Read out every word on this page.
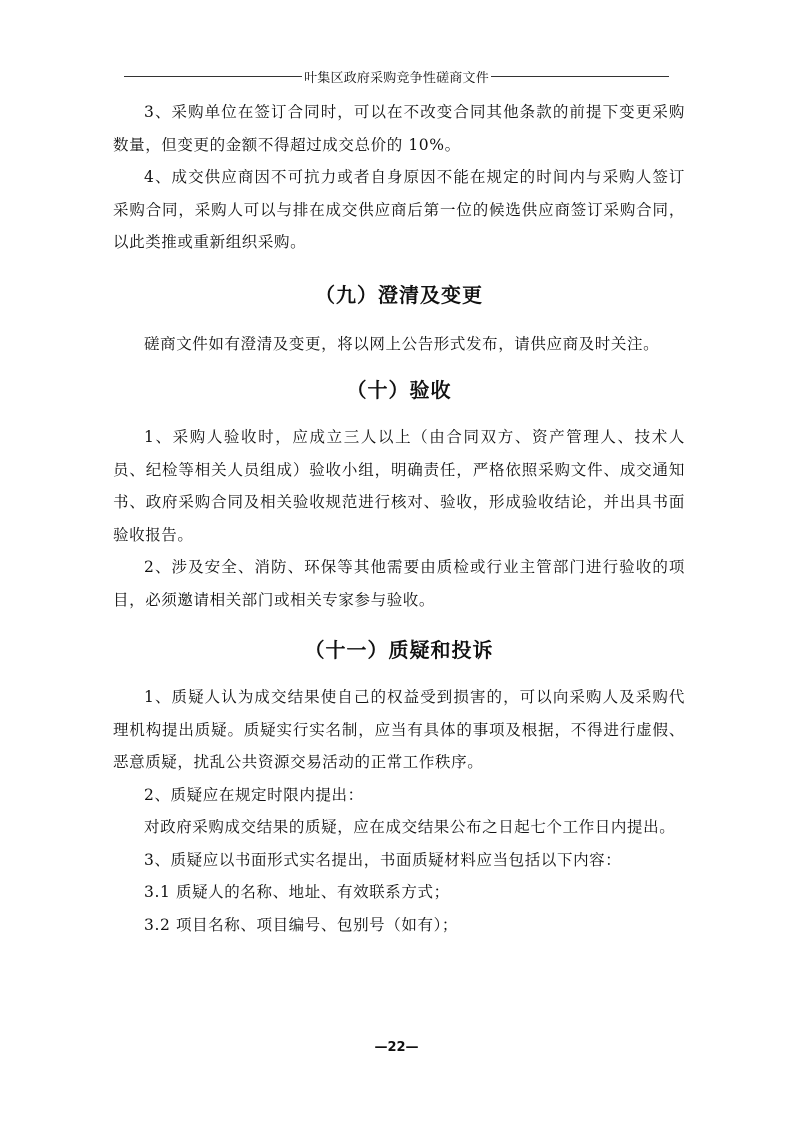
叶集区政府采购竞争性磋商文件

3、采购单位在签订合同时，可以在不改变合同其他条款的前提下变更采购数量，但变更的金额不得超过成交总价的 10%。

4、成交供应商因不可抗力或者自身原因不能在规定的时间内与采购人签订采购合同，采购人可以与排在成交供应商后第一位的候选供应商签订采购合同，以此类推或重新组织采购。

（九）澄清及变更

磋商文件如有澄清及变更，将以网上公告形式发布，请供应商及时关注。

（十）验收

1、采购人验收时，应成立三人以上（由合同双方、资产管理人、技术人员、纪检等相关人员组成）验收小组，明确责任，严格依照采购文件、成交通知书、政府采购合同及相关验收规范进行核对、验收，形成验收结论，并出具书面验收报告。

2、涉及安全、消防、环保等其他需要由质检或行业主管部门进行验收的项目，必须邀请相关部门或相关专家参与验收。

（十一）质疑和投诉

1、质疑人认为成交结果使自己的权益受到损害的，可以向采购人及采购代理机构提出质疑。质疑实行实名制，应当有具体的事项及根据，不得进行虚假、恶意质疑，扰乱公共资源交易活动的正常工作秩序。

2、质疑应在规定时限内提出：

对政府采购成交结果的质疑，应在成交结果公布之日起七个工作日内提出。

3、质疑应以书面形式实名提出，书面质疑材料应当包括以下内容：

3.1 质疑人的名称、地址、有效联系方式；

3.2 项目名称、项目编号、包别号（如有）；

—22—
